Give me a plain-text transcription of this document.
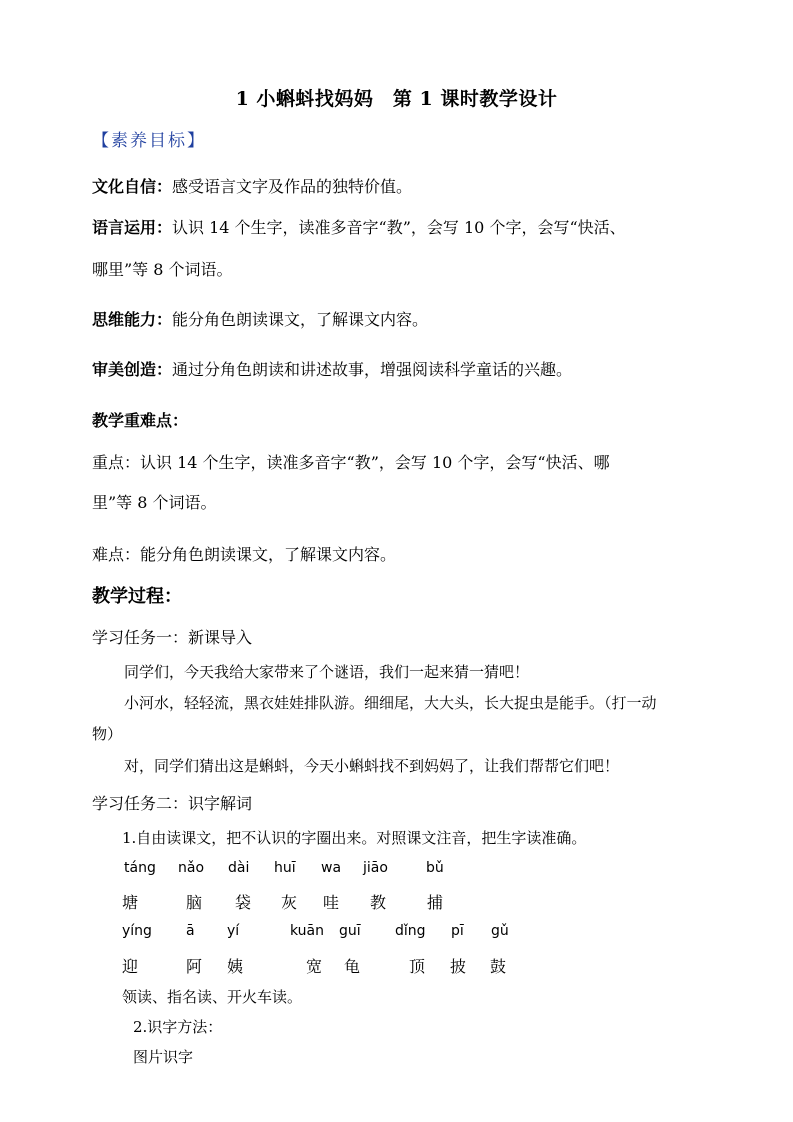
1 小蝌蚪找妈妈　第 1 课时教学设计
【素养目标】
文化自信：感受语言文字及作品的独特价值。
语言运用：认识 14 个生字，读准多音字“教”，会写 10 个字，会写“快活、
哪里”等 8 个词语。
思维能力：能分角色朗读课文，了解课文内容。
审美创造：通过分角色朗读和讲述故事，增强阅读科学童话的兴趣。
教学重难点：
重点：认识 14 个生字，读准多音字“教”，会写 10 个字，会写“快活、哪
里”等 8 个词语。
难点：能分角色朗读课文，了解课文内容。
教学过程：
学习任务一：新课导入
同学们，今天我给大家带来了个谜语，我们一起来猜一猜吧！
小河水，轻轻流，黑衣娃娃排队游。细细尾，大大头，长大捉虫是能手。（打一动
物）
对，同学们猜出这是蝌蚪，今天小蝌蚪找不到妈妈了，让我们帮帮它们吧！
学习任务二：识字解词
1.自由读课文，把不认识的字圈出来。对照课文注音，把生字读准确。
táng nǎo dài huī wa jiāo	bǔ
塘	脑 袋 灰 哇 教	捕
yíng ā yí	kuān guī dǐng pī gǔ
迎	阿 姨	宽 龟	顶 披 鼓
领读、指名读、开火车读。
2.识字方法：
图片识字
